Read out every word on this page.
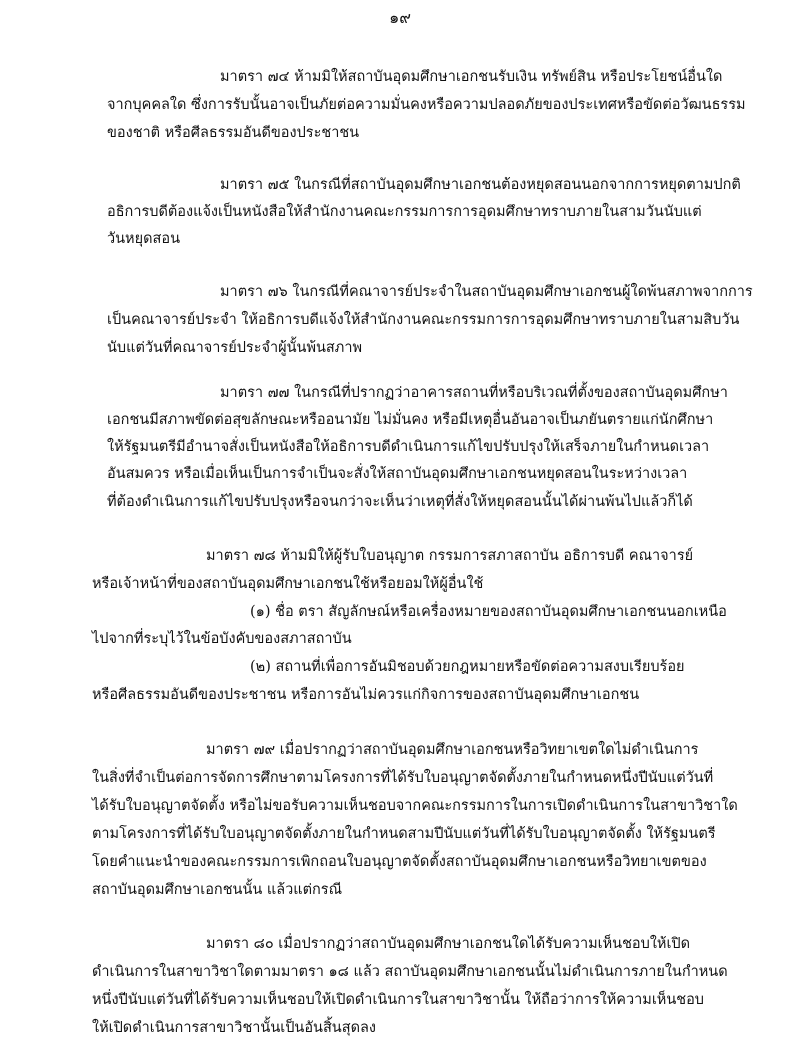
๑๙
มาตรา ๗๔ ห้ามมิให้สถาบันอุดมศึกษาเอกชนรับเงิน ทรัพย์สิน หรือประโยชน์อื่นใด
จากบุคคลใด ซึ่งการรับนั้นอาจเป็นภัยต่อความมั่นคงหรือความปลอดภัยของประเทศหรือขัดต่อวัฒนธรรม
ของชาติ หรือศีลธรรมอันดีของประชาชน
มาตรา ๗๕ ในกรณีที่สถาบันอุดมศึกษาเอกชนต้องหยุดสอนนอกจากการหยุดตามปกติ
อธิการบดีต้องแจ้งเป็นหนังสือให้สำนักงานคณะกรรมการการอุดมศึกษาทราบภายในสามวันนับแต่
วันหยุดสอน
มาตรา ๗๖ ในกรณีที่คณาจารย์ประจำในสถาบันอุดมศึกษาเอกชนผู้ใดพ้นสภาพจากการ
เป็นคณาจารย์ประจำ ให้อธิการบดีแจ้งให้สำนักงานคณะกรรมการการอุดมศึกษาทราบภายในสามสิบวัน
นับแต่วันที่คณาจารย์ประจำผู้นั้นพ้นสภาพ
มาตรา ๗๗ ในกรณีที่ปรากฏว่าอาคารสถานที่หรือบริเวณที่ตั้งของสถาบันอุดมศึกษา
เอกชนมีสภาพขัดต่อสุขลักษณะหรืออนามัย ไม่มั่นคง หรือมีเหตุอื่นอันอาจเป็นภยันตรายแก่นักศึกษา
ให้รัฐมนตรีมีอำนาจสั่งเป็นหนังสือให้อธิการบดีดำเนินการแก้ไขปรับปรุงให้เสร็จภายในกำหนดเวลา
อันสมควร หรือเมื่อเห็นเป็นการจำเป็นจะสั่งให้สถาบันอุดมศึกษาเอกชนหยุดสอนในระหว่างเวลา
ที่ต้องดำเนินการแก้ไขปรับปรุงหรือจนกว่าจะเห็นว่าเหตุที่สั่งให้หยุดสอนนั้นได้ผ่านพ้นไปแล้วก็ได้
มาตรา ๗๘ ห้ามมิให้ผู้รับใบอนุญาต กรรมการสภาสถาบัน อธิการบดี คณาจารย์
หรือเจ้าหน้าที่ของสถาบันอุดมศึกษาเอกชนใช้หรือยอมให้ผู้อื่นใช้
(๑) ชื่อ ตรา สัญลักษณ์หรือเครื่องหมายของสถาบันอุดมศึกษาเอกชนนอกเหนือ
ไปจากที่ระบุไว้ในข้อบังคับของสภาสถาบัน
(๒) สถานที่เพื่อการอันมิชอบด้วยกฎหมายหรือขัดต่อความสงบเรียบร้อย
หรือศีลธรรมอันดีของประชาชน หรือการอันไม่ควรแก่กิจการของสถาบันอุดมศึกษาเอกชน
มาตรา ๗๙ เมื่อปรากฏว่าสถาบันอุดมศึกษาเอกชนหรือวิทยาเขตใดไม่ดำเนินการ
ในสิ่งที่จำเป็นต่อการจัดการศึกษาตามโครงการที่ได้รับใบอนุญาตจัดตั้งภายในกำหนดหนึ่งปีนับแต่วันที่
ได้รับใบอนุญาตจัดตั้ง หรือไม่ขอรับความเห็นชอบจากคณะกรรมการในการเปิดดำเนินการในสาขาวิชาใด
ตามโครงการที่ได้รับใบอนุญาตจัดตั้งภายในกำหนดสามปีนับแต่วันที่ได้รับใบอนุญาตจัดตั้ง ให้รัฐมนตรี
โดยคำแนะนำของคณะกรรมการเพิกถอนใบอนุญาตจัดตั้งสถาบันอุดมศึกษาเอกชนหรือวิทยาเขตของ
สถาบันอุดมศึกษาเอกชนนั้น แล้วแต่กรณี
มาตรา ๘๐ เมื่อปรากฏว่าสถาบันอุดมศึกษาเอกชนใดได้รับความเห็นชอบให้เปิด
ดำเนินการในสาขาวิชาใดตามมาตรา ๑๘ แล้ว สถาบันอุดมศึกษาเอกชนนั้นไม่ดำเนินการภายในกำหนด
หนึ่งปีนับแต่วันที่ได้รับความเห็นชอบให้เปิดดำเนินการในสาขาวิชานั้น ให้ถือว่าการให้ความเห็นชอบ
ให้เปิดดำเนินการสาขาวิชานั้นเป็นอันสิ้นสุดลง
